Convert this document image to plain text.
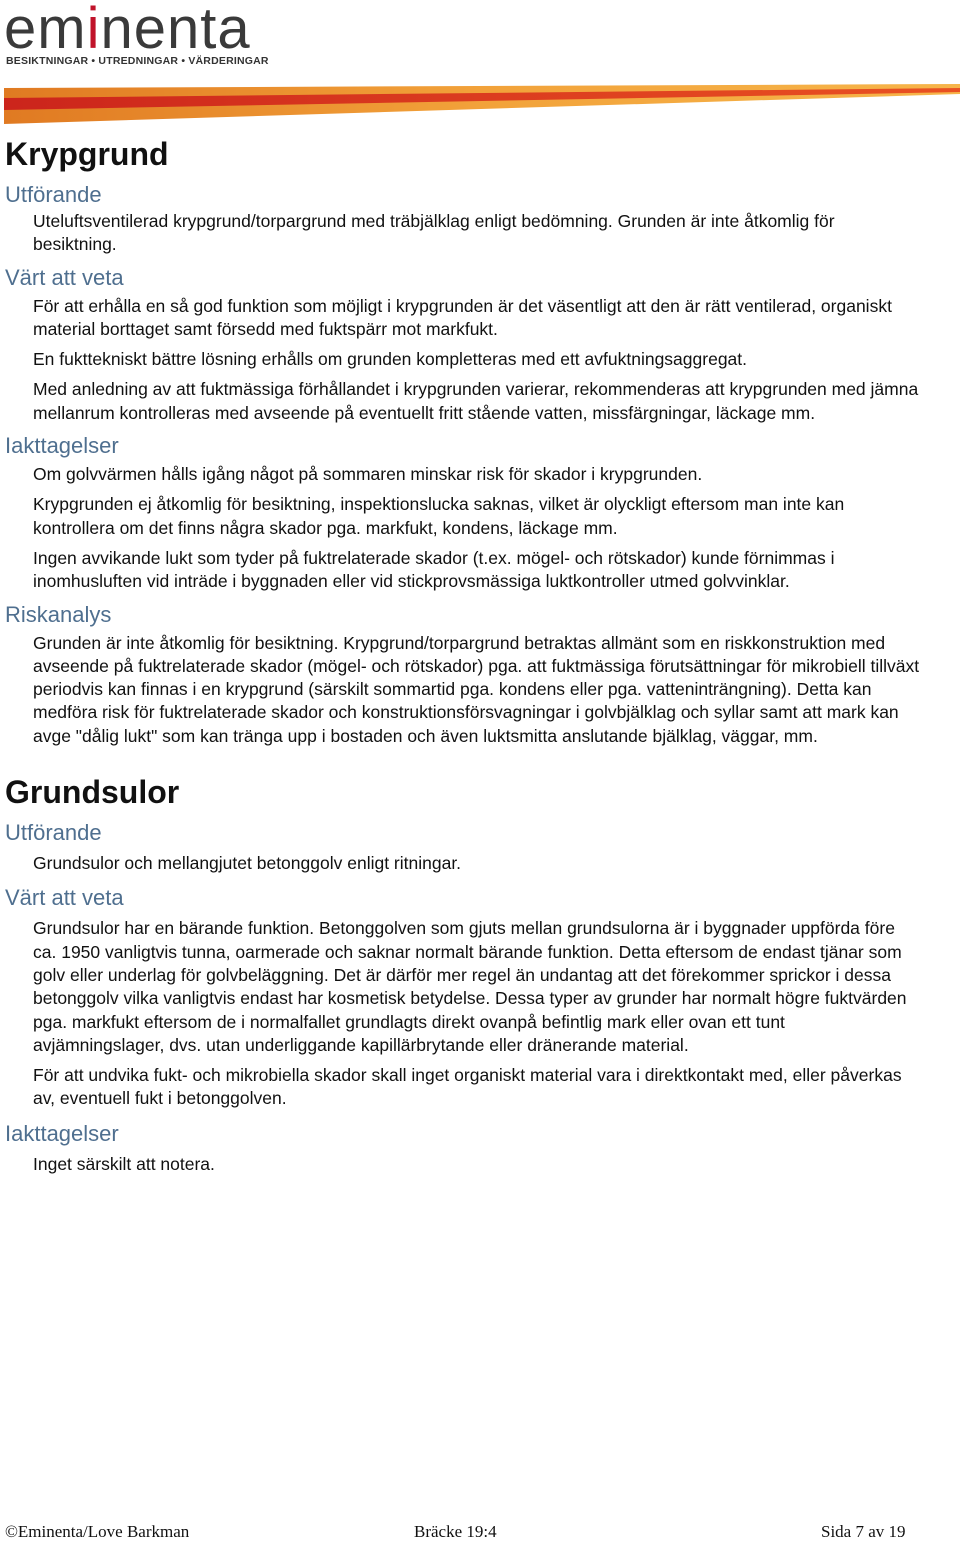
eminenta
BESIKTNINGAR • UTREDNINGAR • VÄRDERINGAR
Krypgrund
Utförande

Uteluftsventilerad krypgrund/torpargrund med träbjälklag enligt bedömning. Grunden är inte åtkomlig för besiktning.

Värt att veta

För att erhålla en så god funktion som möjligt i krypgrunden är det väsentligt att den är rätt ventilerad, organiskt material borttaget samt försedd med fuktspärr mot markfukt.

En fukttekniskt bättre lösning erhålls om grunden kompletteras med ett avfuktningsaggregat.

Med anledning av att fuktmässiga förhållandet i krypgrunden varierar, rekommenderas att krypgrunden med jämna mellanrum kontrolleras med avseende på eventuellt fritt stående vatten, missfärgningar, läckage mm.

Iakttagelser

Om golvvärmen hålls igång något på sommaren minskar risk för skador i krypgrunden.

Krypgrunden ej åtkomlig för besiktning, inspektionslucka saknas, vilket är olyckligt eftersom man inte kan kontrollera om det finns några skador pga. markfukt, kondens, läckage mm.

Ingen avvikande lukt som tyder på fuktrelaterade skador (t.ex. mögel- och rötskador) kunde förnimmas i inomhusluften vid inträde i byggnaden eller vid stickprovsmässiga luktkontroller utmed golvvinklar.

Riskanalys

Grunden är inte åtkomlig för besiktning. Krypgrund/torpargrund betraktas allmänt som en riskkonstruktion med avseende på fuktrelaterade skador (mögel- och rötskador) pga. att fuktmässiga förutsättningar för mikrobiell tillväxt periodvis kan finnas i en krypgrund (särskilt sommartid pga. kondens eller pga. vatteninträngning). Detta kan medföra risk för fuktrelaterade skador och konstruktionsförsvagningar i golvbjälklag och syllar samt att mark kan avge "dålig lukt" som kan tränga upp i bostaden och även luktsmitta anslutande bjälklag, väggar, mm.

Grundsulor
Utförande

Grundsulor och mellangjutet betonggolv enligt ritningar.

Värt att veta

Grundsulor har en bärande funktion. Betonggolven som gjuts mellan grundsulorna är i byggnader uppförda före ca. 1950 vanligtvis tunna, oarmerade och saknar normalt bärande funktion. Detta eftersom de endast tjänar som golv eller underlag för golvbeläggning. Det är därför mer regel än undantag att det förekommer sprickor i dessa betonggolv vilka vanligtvis endast har kosmetisk betydelse. Dessa typer av grunder har normalt högre fuktvärden pga. markfukt eftersom de i normalfallet grundlagts direkt ovanpå befintlig mark eller ovan ett tunt avjämningslager, dvs. utan underliggande kapillärbrytande eller dränerande material.

För att undvika fukt- och mikrobiella skador skall inget organiskt material vara i direktkontakt med, eller påverkas av, eventuell fukt i betonggolven.

Iakttagelser

Inget särskilt att notera.

©Eminenta/Love Barkman	Bräcke 19:4	Sida 7 av 19
